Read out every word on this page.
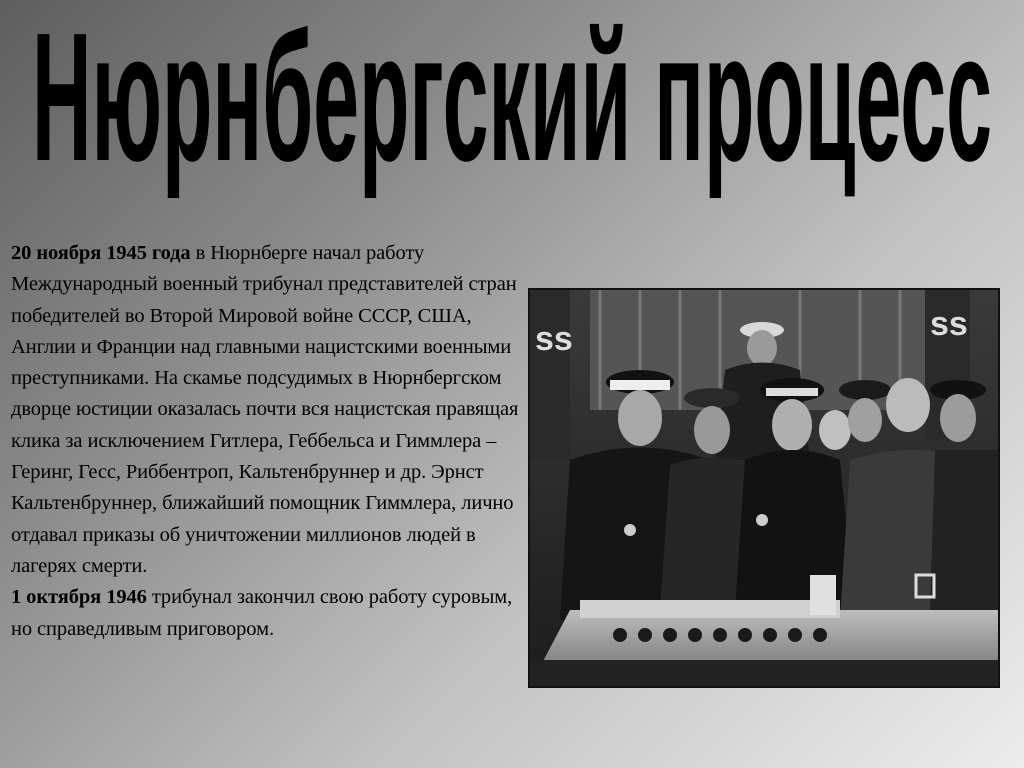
Нюрнбергский процесс

20 ноября 1945 года в Нюрнберге начал работу Международный военный трибунал представителей стран победителей во Второй Мировой войне СССР, США, Англии и Франции над главными нацистскими военными преступниками. На скамье подсудимых в Нюрнбергском дворце юстиции оказалась почти вся нацистская правящая клика за исключением Гитлера, Геббельса и Гиммлера – Геринг, Гесс, Риббентроп, Кальтенбруннер и др. Эрнст Кальтенбруннер, ближайший помощник Гиммлера, лично отдавал приказы об уничтожении миллионов людей в лагерях смерти.

1 октября 1946 трибунал закончил свою работу суровым, но справедливым приговором.

ss	ss
